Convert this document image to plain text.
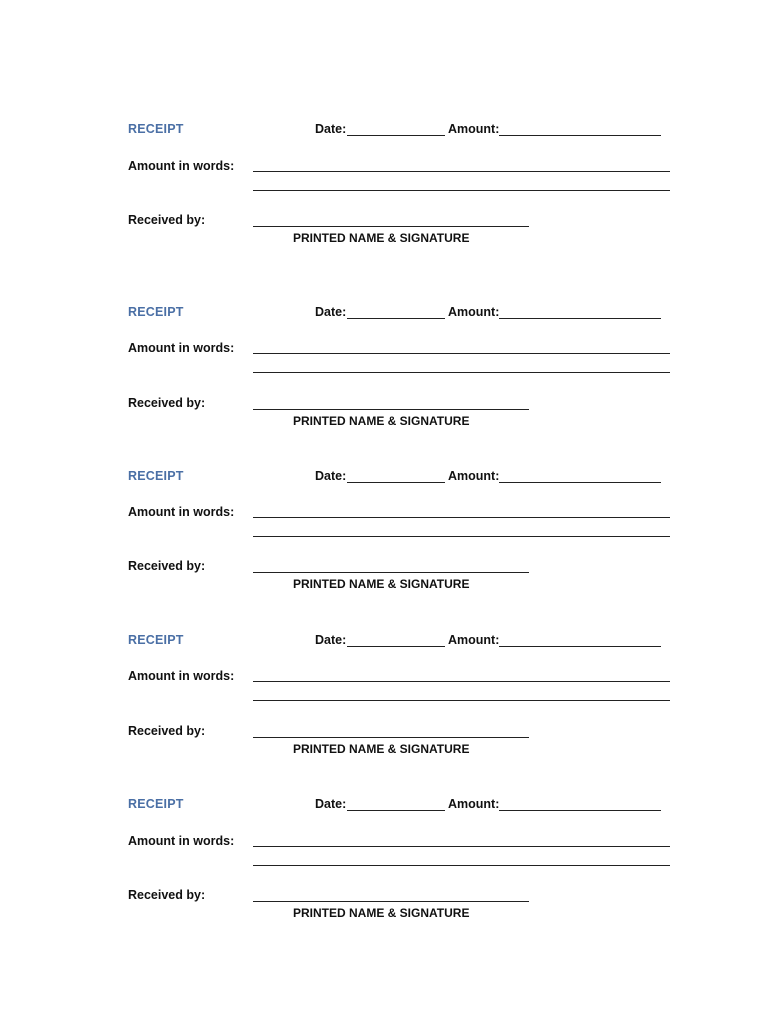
RECEIPT	Date:	Amount:
Amount in words:
Received by:
PRINTED NAME & SIGNATURE
RECEIPT	Date:	Amount:
Amount in words:
Received by:
PRINTED NAME & SIGNATURE
RECEIPT	Date:	Amount:
Amount in words:
Received by:
PRINTED NAME & SIGNATURE
RECEIPT	Date:	Amount:
Amount in words:
Received by:
PRINTED NAME & SIGNATURE
RECEIPT	Date:	Amount:
Amount in words:
Received by:
PRINTED NAME & SIGNATURE
